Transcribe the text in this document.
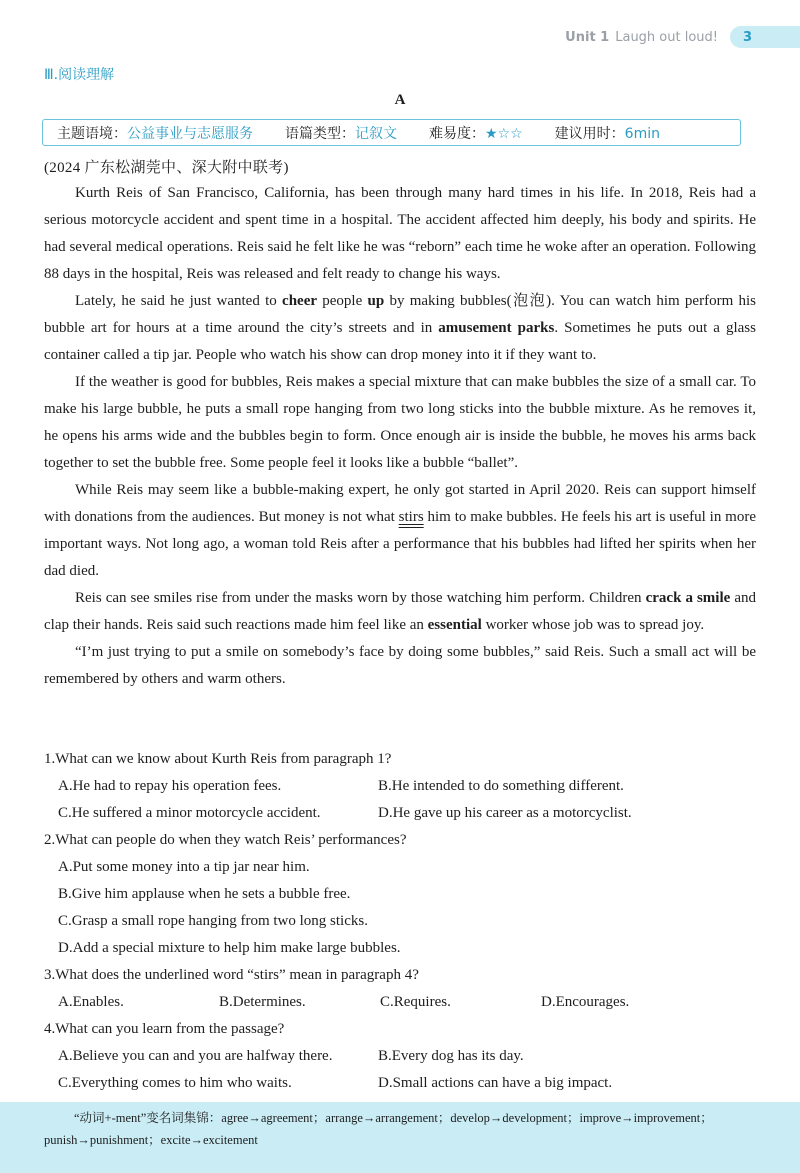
Unit 1 Laugh out loud! 3
Ⅲ.阅读理解
A
主题语境：公益事业与志愿服务 语篇类型：记叙文 难易度：★☆☆ 建议用时：6min
(2024 广东松湖莞中、深大附中联考)

Kurth Reis of San Francisco, California, has been through many hard times in his life. In 2018, Reis had a serious motorcycle accident and spent time in a hospital. The accident affected him deeply, his body and spirits. He had several medical operations. Reis said he felt like he was “reborn” each time he woke after an operation. Following 88 days in the hospital, Reis was released and felt ready to change his ways.

Lately, he said he just wanted to cheer people up by making bubbles(泡泡). You can watch him perform his bubble art for hours at a time around the city’s streets and in amusement parks. Sometimes he puts out a glass container called a tip jar. People who watch his show can drop money into it if they want to.

If the weather is good for bubbles, Reis makes a special mixture that can make bubbles the size of a small car. To make his large bubble, he puts a small rope hanging from two long sticks into the bubble mixture. As he removes it, he opens his arms wide and the bubbles begin to form. Once enough air is inside the bubble, he moves his arms back together to set the bubble free. Some people feel it looks like a bubble “ballet”.

While Reis may seem like a bubble-making expert, he only got started in April 2020. Reis can support himself with donations from the audiences. But money is not what stirs him to make bubbles. He feels his art is useful in more important ways. Not long ago, a woman told Reis after a performance that his bubbles had lifted her spirits when her dad died.

Reis can see smiles rise from under the masks worn by those watching him perform. Children crack a smile and clap their hands. Reis said such reactions made him feel like an essential worker whose job was to spread joy.

“I’m just trying to put a smile on somebody’s face by doing some bubbles,” said Reis. Such a small act will be remembered by others and warm others.

1.What can we know about Kurth Reis from paragraph 1?

A.He had to repay his operation fees.	B.He intended to do something different.
C.He suffered a minor motorcycle accident.	D.He gave up his career as a motorcyclist.

2.What can people do when they watch Reis’ performances?

A.Put some money into a tip jar near him.
B.Give him applause when he sets a bubble free.
C.Grasp a small rope hanging from two long sticks.
D.Add a special mixture to help him make large bubbles.

3.What does the underlined word “stirs” mean in paragraph 4?

A.Enables.	B.Determines.	C.Requires.	D.Encourages.

4.What can you learn from the passage?

A.Believe you can and you are halfway there.	B.Every dog has its day.
C.Everything comes to him who waits.	D.Small actions can have a big impact.
“动词+-ment”变名词集锦：agree→agreement；arrange→arrangement；develop→development；improve→improvement；
punish→punishment；excite→excitement
